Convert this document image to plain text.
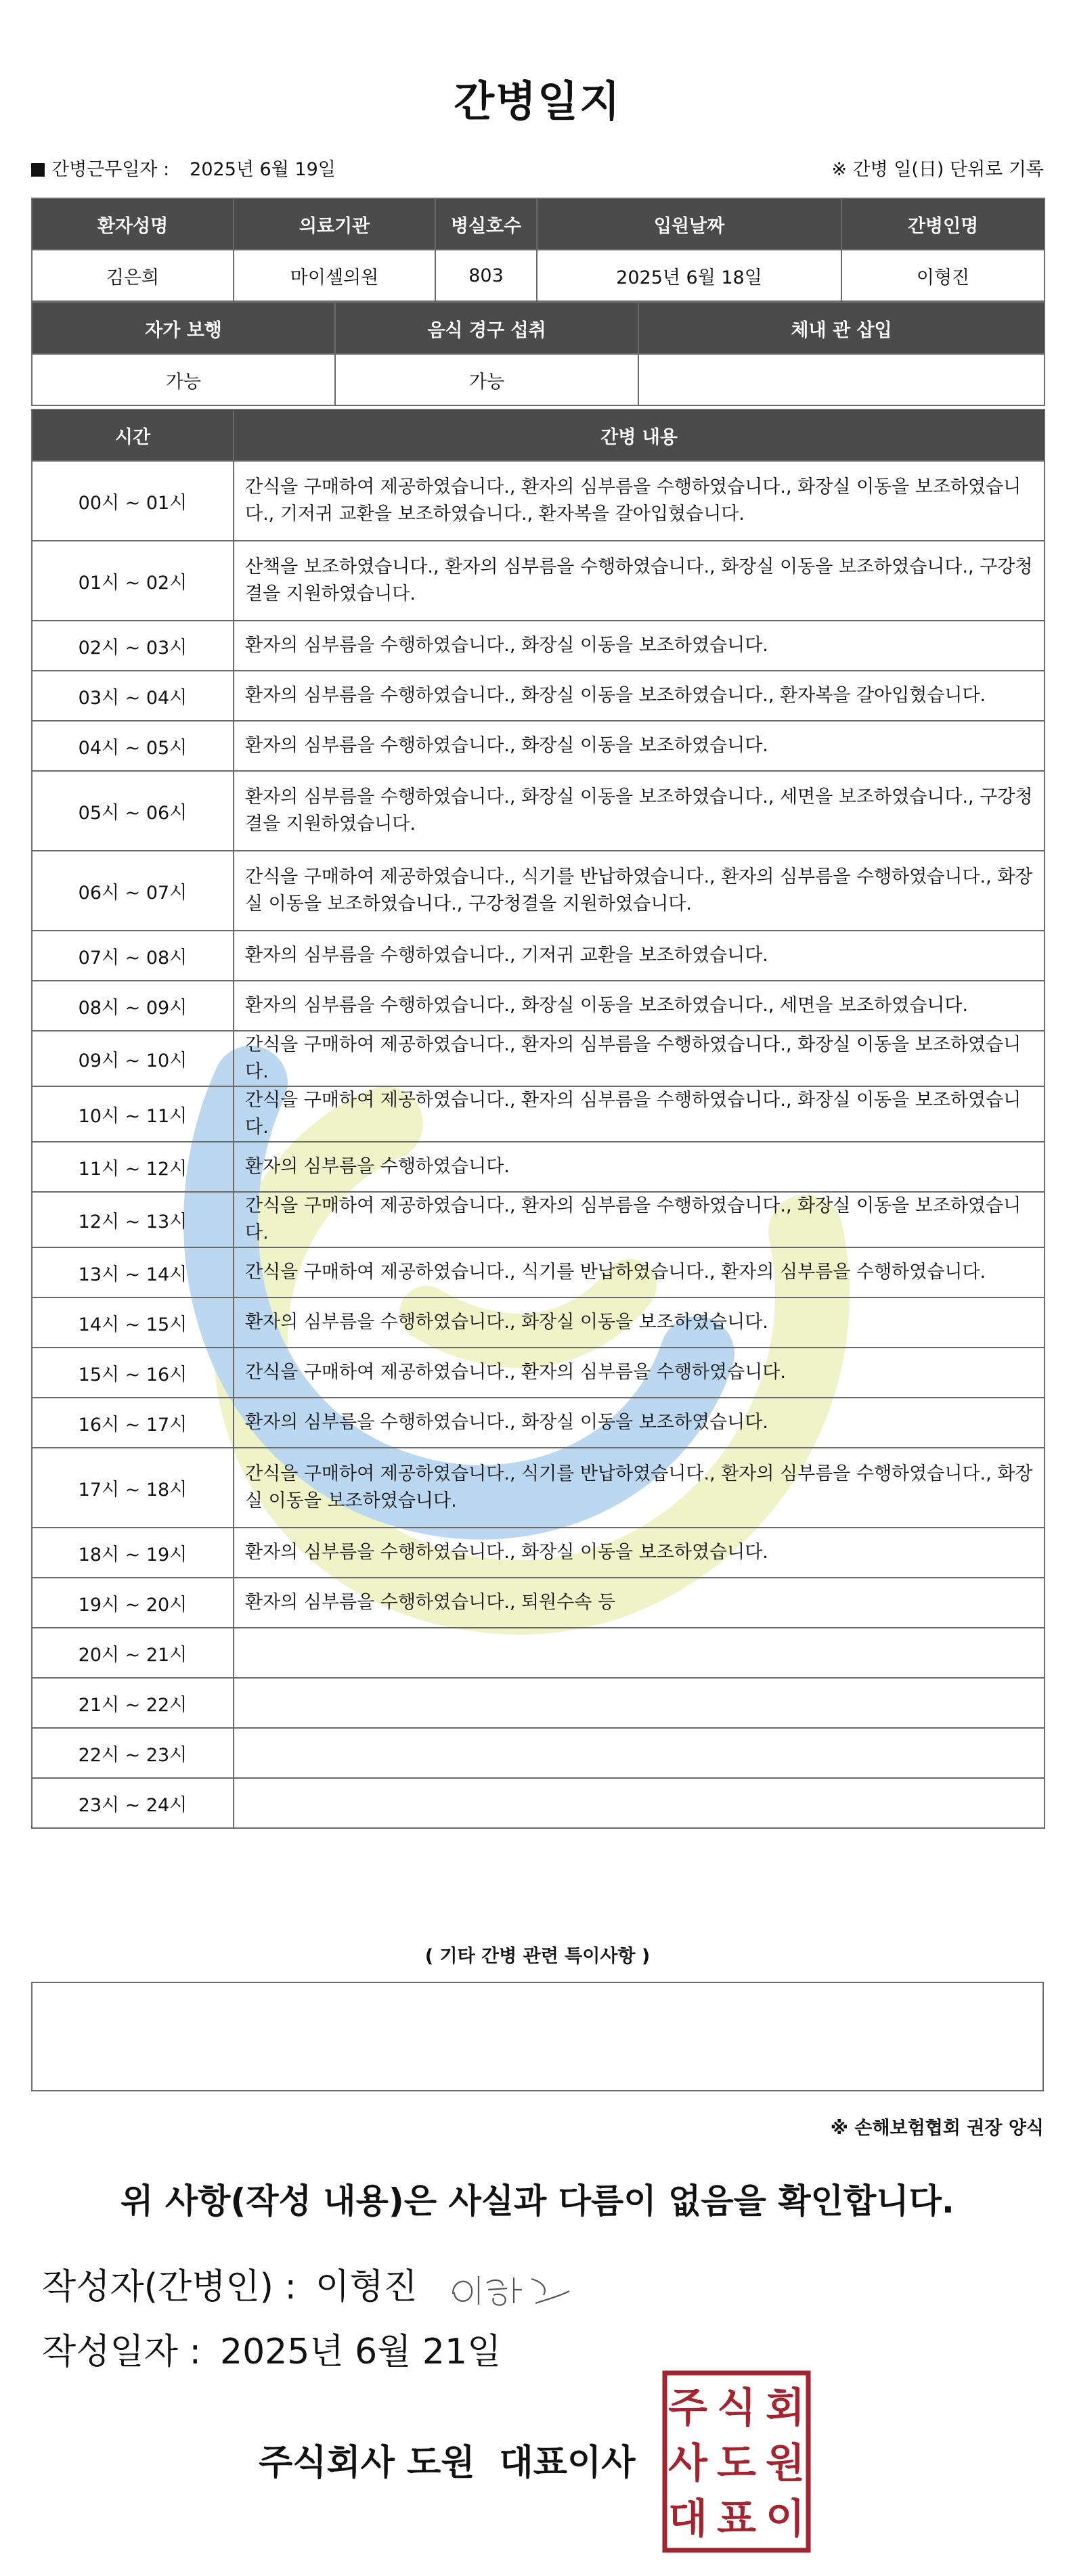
간병일지
간병근무일자 : 2025년 6월 19일	※ 간병 일(日) 단위로 기록
환자성명	의료기관	병실호수	입원날짜	간병인명
김은희	마이셀의원	803	2025년 6월 18일	이형진
자가 보행	음식 경구 섭취	체내 관 삽입
가능	가능	
시간	간병 내용
00시 ~ 01시	간식을 구매하여 제공하였습니다., 환자의 심부름을 수행하였습니다., 화장실 이동을 보조하였습니다., 기저귀 교환을 보조하였습니다., 환자복을 갈아입혔습니다.
01시 ~ 02시	산책을 보조하였습니다., 환자의 심부름을 수행하였습니다., 화장실 이동을 보조하였습니다., 구강청결을 지원하였습니다.
02시 ~ 03시	환자의 심부름을 수행하였습니다., 화장실 이동을 보조하였습니다.
03시 ~ 04시	환자의 심부름을 수행하였습니다., 화장실 이동을 보조하였습니다., 환자복을 갈아입혔습니다.
04시 ~ 05시	환자의 심부름을 수행하였습니다., 화장실 이동을 보조하였습니다.
05시 ~ 06시	환자의 심부름을 수행하였습니다., 화장실 이동을 보조하였습니다., 세면을 보조하였습니다., 구강청결을 지원하였습니다.
06시 ~ 07시	간식을 구매하여 제공하였습니다., 식기를 반납하였습니다., 환자의 심부름을 수행하였습니다., 화장실 이동을 보조하였습니다., 구강청결을 지원하였습니다.
07시 ~ 08시	환자의 심부름을 수행하였습니다., 기저귀 교환을 보조하였습니다.
08시 ~ 09시	환자의 심부름을 수행하였습니다., 화장실 이동을 보조하였습니다., 세면을 보조하였습니다.
09시 ~ 10시	간식을 구매하여 제공하였습니다., 환자의 심부름을 수행하였습니다., 화장실 이동을 보조하였습니다.
10시 ~ 11시	간식을 구매하여 제공하였습니다., 환자의 심부름을 수행하였습니다., 화장실 이동을 보조하였습니다.
11시 ~ 12시	환자의 심부름을 수행하였습니다.
12시 ~ 13시	간식을 구매하여 제공하였습니다., 환자의 심부름을 수행하였습니다., 화장실 이동을 보조하였습니다.
13시 ~ 14시	간식을 구매하여 제공하였습니다., 식기를 반납하였습니다., 환자의 심부름을 수행하였습니다.
14시 ~ 15시	환자의 심부름을 수행하였습니다., 화장실 이동을 보조하였습니다.
15시 ~ 16시	간식을 구매하여 제공하였습니다., 환자의 심부름을 수행하였습니다.
16시 ~ 17시	환자의 심부름을 수행하였습니다., 화장실 이동을 보조하였습니다.
17시 ~ 18시	간식을 구매하여 제공하였습니다., 식기를 반납하였습니다., 환자의 심부름을 수행하였습니다., 화장실 이동을 보조하였습니다.
18시 ~ 19시	환자의 심부름을 수행하였습니다., 화장실 이동을 보조하였습니다.
19시 ~ 20시	환자의 심부름을 수행하였습니다., 퇴원수속 등
20시 ~ 21시	
21시 ~ 22시	
22시 ~ 23시	
23시 ~ 24시	
( 기타 간병 관련 특이사항 )
※ 손해보험협회 권장 양식
위 사항(작성 내용)은 사실과 다름이 없음을 확인합니다.
작성자(간병인) : 이형진
작성일자 : 2025년 6월 21일
주식회사 도원 대표이사
주 식 회
사 도 원
대 표 이
